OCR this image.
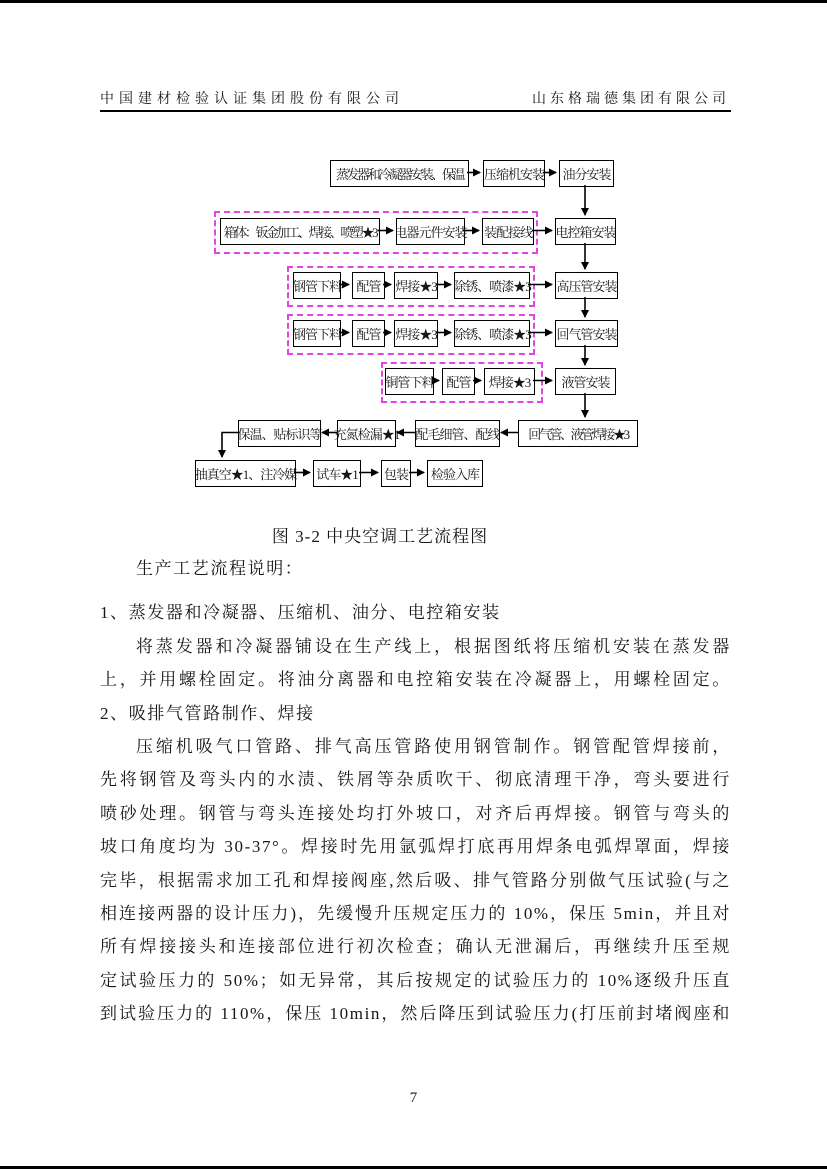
中国建材检验认证集团股份有限公司	山东格瑞德集团有限公司
蒸发器和冷凝器安装、保温	压缩机安装 油分安装
箱体：钣金加工、焊接、喷塑★3 电器元件安装 装配接线 电控箱安装
钢管下料	配管	焊接★3 除锈、喷漆★3 高压管安装
钢管下料	配管	焊接★3 除锈、喷漆★3 回气管安装
铜管下料 配管	焊接★3	液管安装
保温、贴标识等 充氮检漏★1 配毛细管、配线	回气管、液管焊接★3
抽真空★1、注冷媒 试车★1 包装	检验入库
图 3-2 中央空调工艺流程图
生产工艺流程说明：
1、蒸发器和冷凝器、压缩机、油分、电控箱安装
将蒸发器和冷凝器铺设在生产线上，根据图纸将压缩机安装在蒸发器
上，并用螺栓固定。将油分离器和电控箱安装在冷凝器上，用螺栓固定。
2、吸排气管路制作、焊接
压缩机吸气口管路、排气高压管路使用钢管制作。钢管配管焊接前，
先将钢管及弯头内的水渍、铁屑等杂质吹干、彻底清理干净，弯头要进行
喷砂处理。钢管与弯头连接处均打外坡口，对齐后再焊接。钢管与弯头的
坡口角度均为 30-37°。焊接时先用氩弧焊打底再用焊条电弧焊罩面，焊接
完毕，根据需求加工孔和焊接阀座,然后吸、排气管路分别做气压试验(与之
相连接两器的设计压力)，先缓慢升压规定压力的 10%，保压 5min，并且对
所有焊接接头和连接部位进行初次检查；确认无泄漏后，再继续升压至规
定试验压力的 50%；如无异常，其后按规定的试验压力的 10%逐级升压直
到试验压力的 110%，保压 10min，然后降压到试验压力(打压前封堵阀座和
7
